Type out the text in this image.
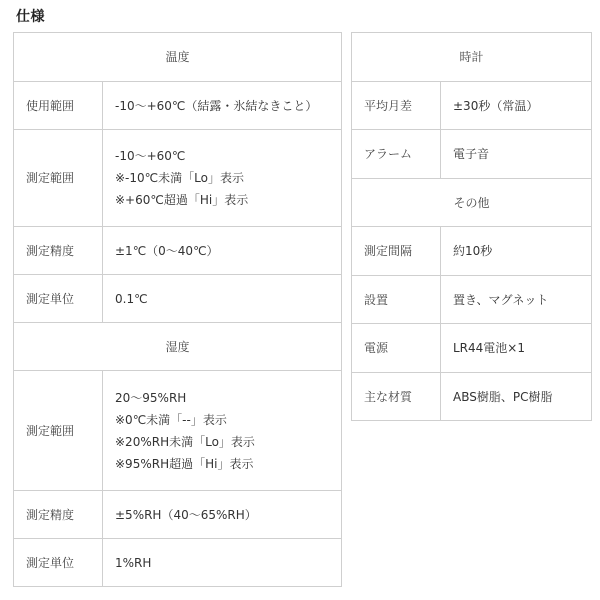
仕様
温度	
使用範囲	-10～+60℃（結露・氷結なきこと）

測定範囲	-10～+60℃
※-10℃未満「Lo」表示
※+60℃超過「Hi」表示

測定精度	±1℃（0～40℃）

測定単位	0.1℃

湿度	
測定範囲	20～95%RH
※0℃未満「--」表示
※20%RH未満「Lo」表示
※95%RH超過「Hi」表示

測定精度	±5%RH（40～65%RH）

測定単位	1%RH
時計	
平均月差	±30秒（常温）
アラーム	電子音
その他	
測定間隔	約10秒
設置	置き、マグネット
電源	LR44電池×1
主な材質	ABS樹脂、PC樹脂
